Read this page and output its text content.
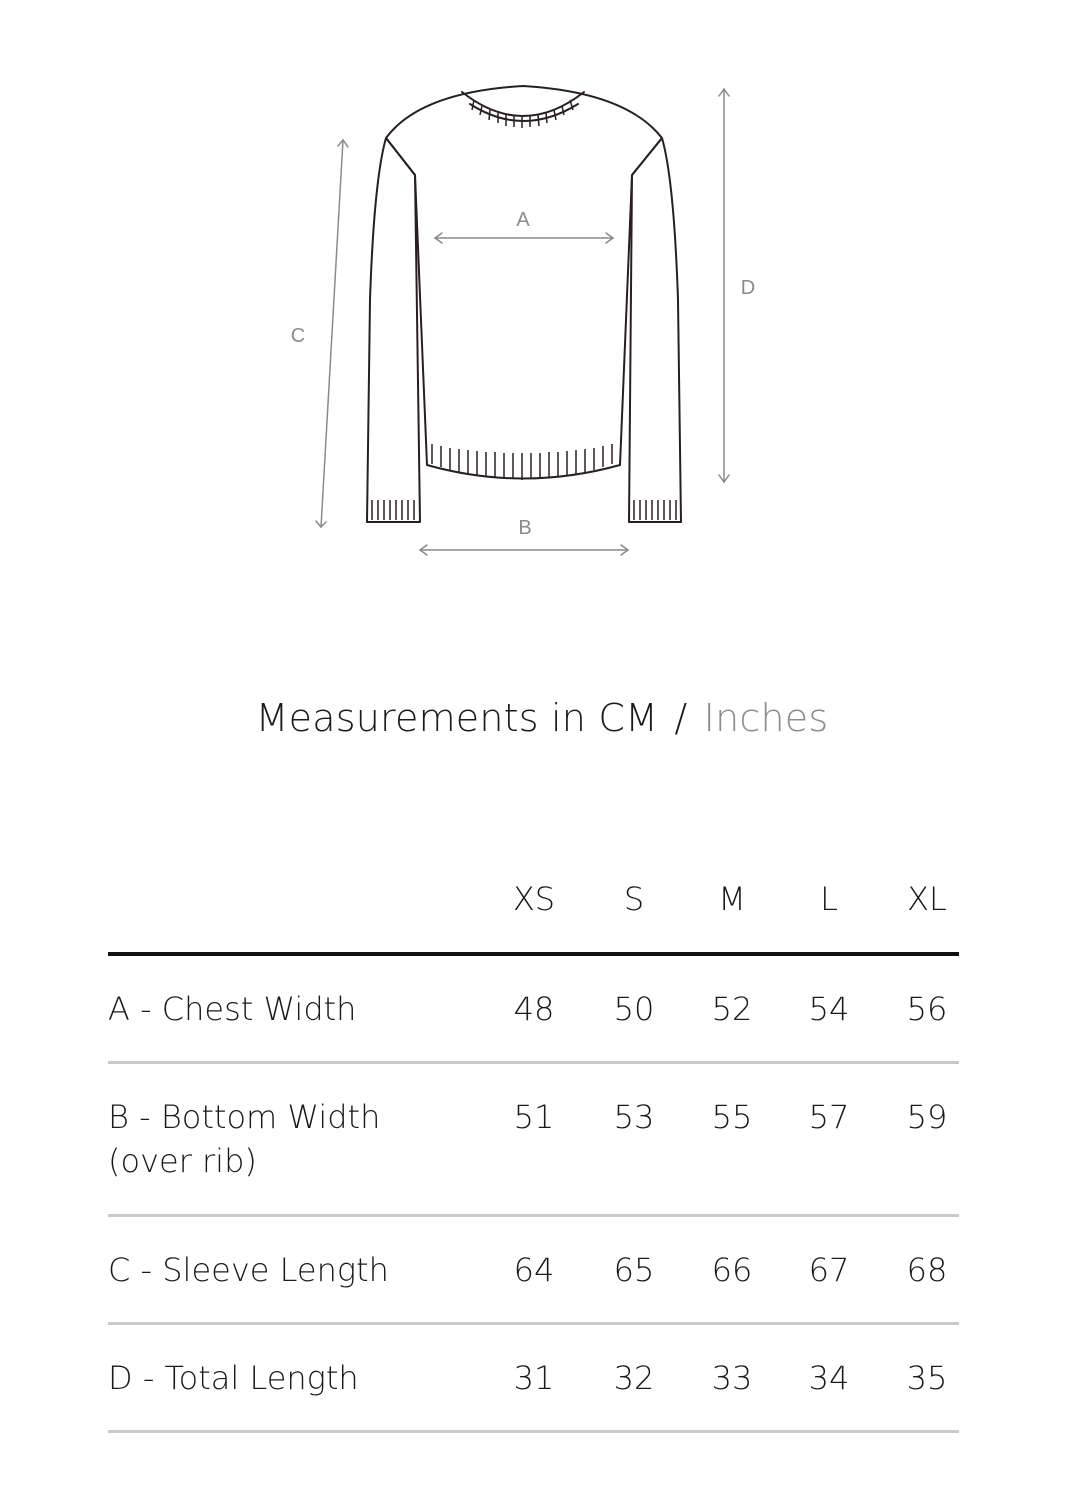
A
B
C
D
Measurements in CM / Inches
XS	S	M	L	XL
A - Chest Width	48	50	52	54	56
B - Bottom Width
(over rib)
51	53	55	57	59
C - Sleeve Length	64	65	66	67	68
D - Total Length	31	32	33	34	35
